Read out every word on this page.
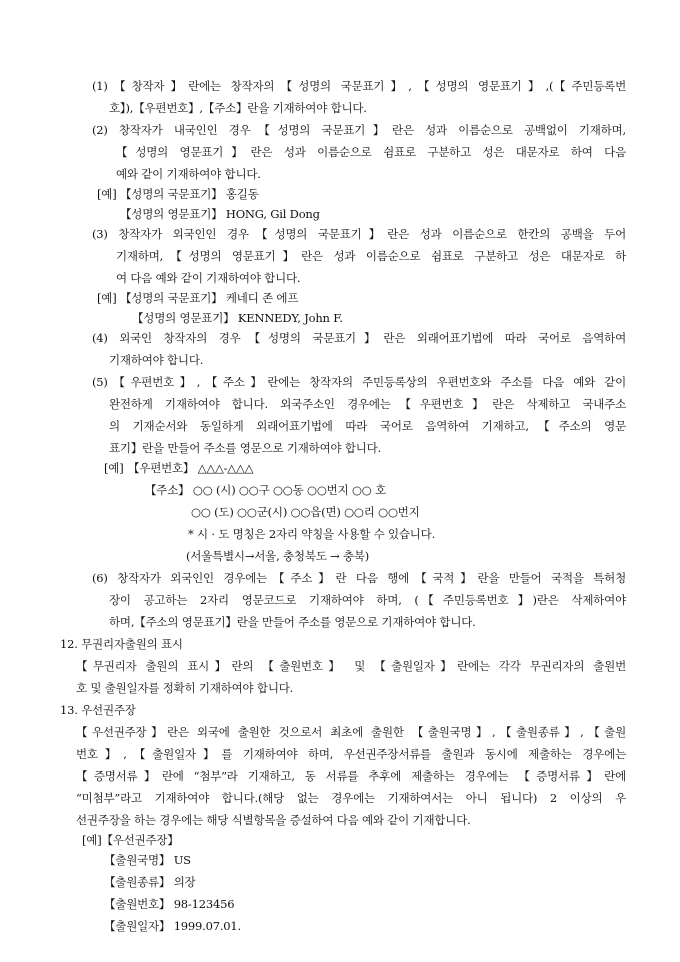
(1)【창작자】란에는 창작자의【성명의 국문표기】,【성명의 영문표기】,(【주민등록번
호】),【우편번호】,【주소】란을 기재하여야 합니다.
(2) 창작자가 내국인인 경우【성명의 국문표기】란은 성과 이름순으로 공백없이 기재하며,
【성명의 영문표기】란은 성과 이름순으로 쉼표로 구분하고 성은 대문자로 하여 다음
예와 같이 기재하여야 합니다.
[예] 【성명의 국문표기】 홍길동
【성명의 영문표기】 HONG, Gil Dong
(3) 창작자가 외국인인 경우【성명의 국문표기】란은 성과 이름순으로 한칸의 공백을 두어
기재하며,【성명의 영문표기】란은 성과 이름순으로 쉼표로 구분하고 성은 대문자로 하
여 다음 예와 같이 기재하여야 합니다.
[예] 【성명의 국문표기】 케네디 존 에프
【성명의 영문표기】 KENNEDY, John F.
(4) 외국인 창작자의 경우【성명의 국문표기】란은 외래어표기법에 따라 국어로 음역하여
기재하여야 합니다.
(5)【우편번호】,【주소】란에는 창작자의 주민등록상의 우편번호와 주소를 다음 예와 같이
완전하게 기재하여야 합니다. 외국주소인 경우에는【우편번호】란은 삭제하고 국내주소
의 기재순서와 동일하게 외래어표기법에 따라 국어로 음역하여 기재하고,【주소의 영문
표기】란을 만들어 주소를 영문으로 기재하여야 합니다.
[예] 【우편번호】 △△△-△△△
【주소】 ○○ (시) ○○구 ○○동 ○○번지 ○○ 호
○○ (도) ○○군(시) ○○읍(면) ○○리 ○○번지
* 시 · 도 명칭은 2자리 약칭을 사용할 수 있습니다.
(서울특별시→서울, 충청북도 → 충북)
(6) 창작자가 외국인인 경우에는【주소】란 다음 행에【국적】란을 만들어 국적을 특허청
장이 공고하는 2자리 영문코드로 기재하여야 하며, (【주민등록번호】)란은 삭제하여야
하며,【주소의 영문표기】란을 만들어 주소를 영문으로 기재하여야 합니다.
12. 무권리자출원의 표시
【무권리자 출원의 표시】란의 【출원번호】 및 【출원일자】란에는 각각 무권리자의 출원번
호 및 출원일자를 정확히 기재하여야 합니다.
13. 우선권주장
【우선권주장】란은 외국에 출원한 것으로서 최초에 출원한 【출원국명】,【출원종류】,【출원
번호】,【출원일자】를 기재하여야 하며, 우선권주장서류를 출원과 동시에 제출하는 경우에는
【증명서류】란에 “첨부”라 기재하고, 동 서류를 추후에 제출하는 경우에는 【증명서류】란에
“미첨부”라고 기재하여야 합니다.(해당 없는 경우에는 기재하여서는 아니 됩니다) 2 이상의 우
선권주장을 하는 경우에는 해당 식별항목을 증설하여 다음 예와 같이 기재합니다.
[예]【우선권주장】
【출원국명】 US
【출원종류】 의장
【출원번호】 98-123456
【출원일자】 1999.07.01.
